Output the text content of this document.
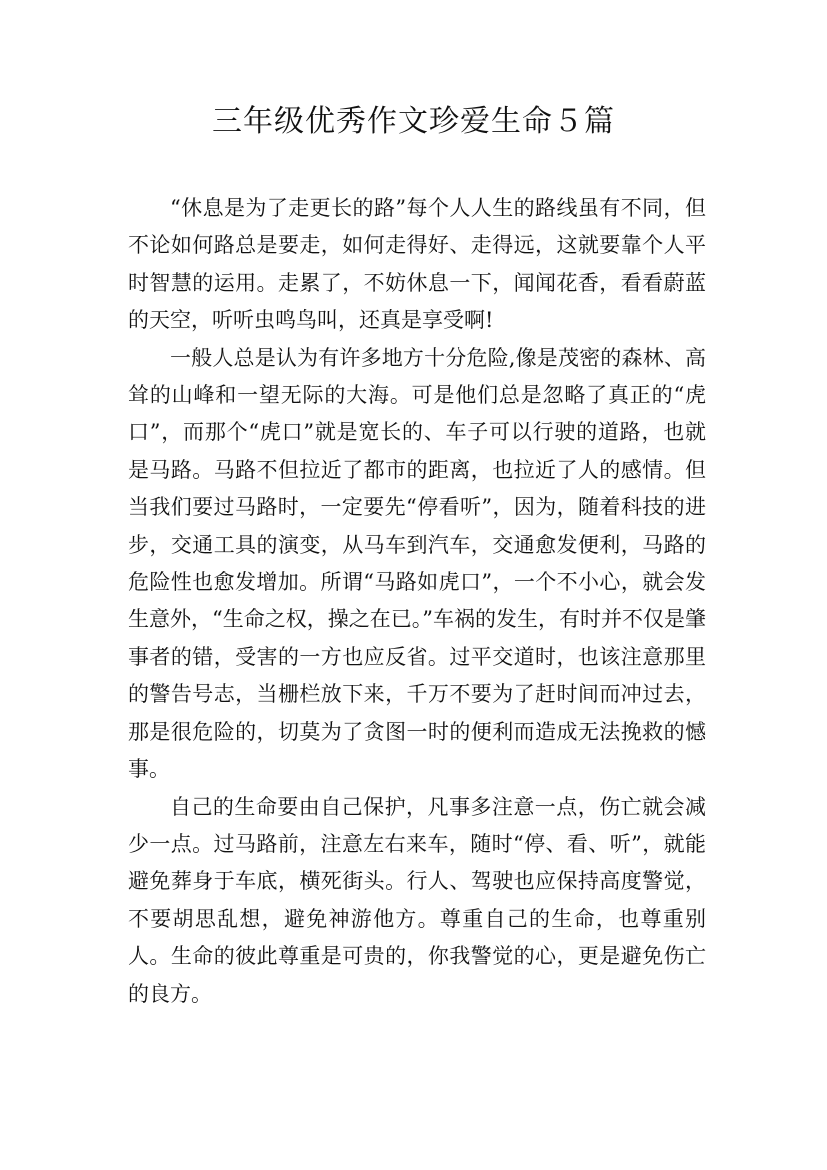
三年级优秀作文珍爱生命５篇

“休息是为了走更长的路”每个人人生的路线虽有不同，但不论如何路总是要走，如何走得好、走得远，这就要靠个人平时智慧的运用。走累了，不妨休息一下，闻闻花香，看看蔚蓝的天空，听听虫鸣鸟叫，还真是享受啊!

一般人总是认为有许多地方十分危险,像是茂密的森林、高耸的山峰和一望无际的大海。可是他们总是忽略了真正的“虎口”，而那个“虎口”就是宽长的、车子可以行驶的道路，也就是马路。马路不但拉近了都市的距离，也拉近了人的感情。但当我们要过马路时，一定要先“停看听”，因为，随着科技的进步，交通工具的演变，从马车到汽车，交通愈发便利，马路的危险性也愈发增加。所谓“马路如虎口”，一个不小心，就会发生意外，“生命之权，操之在已。”车祸的发生，有时并不仅是肇事者的错，受害的一方也应反省。过平交道时，也该注意那里的警告号志，当栅栏放下来，千万不要为了赶时间而冲过去，那是很危险的，切莫为了贪图一时的便利而造成无法挽救的憾事。

自己的生命要由自己保护，凡事多注意一点，伤亡就会减少一点。过马路前，注意左右来车，随时“停、看、听”，就能避免葬身于车底，横死街头。行人、驾驶也应保持高度警觉，不要胡思乱想，避免神游他方。尊重自己的生命，也尊重别人。生命的彼此尊重是可贵的，你我警觉的心，更是避免伤亡的良方。
